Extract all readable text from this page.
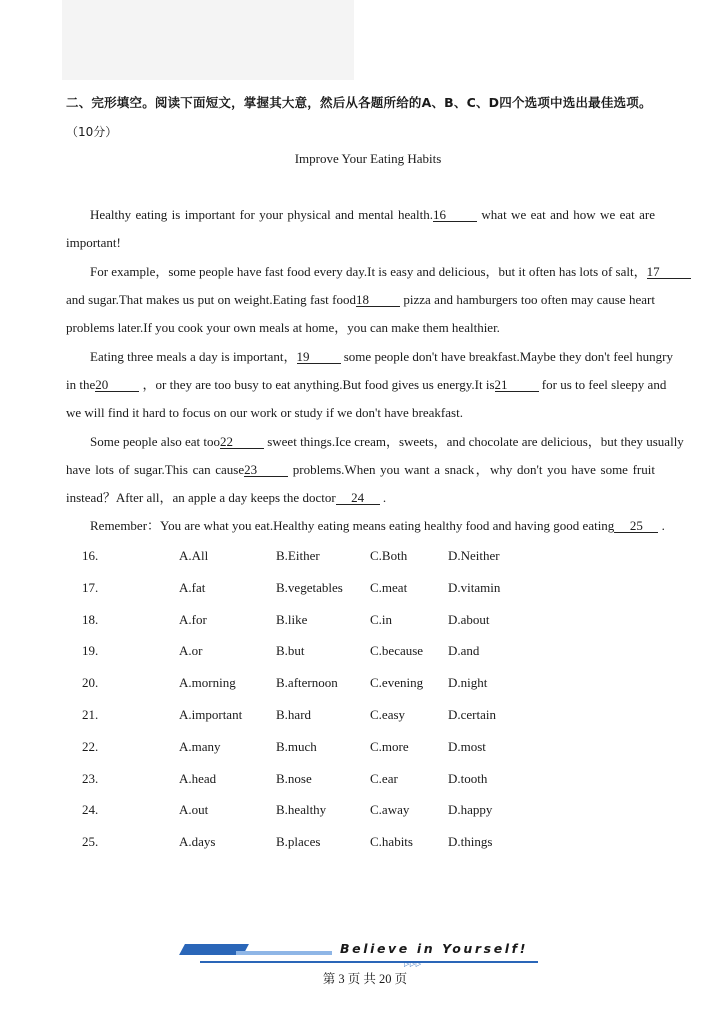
二、完形填空。阅读下面短文，掌握其大意，然后从各题所给的A、B、C、D四个选项中选出最佳选项。
（10分）
Improve Your Eating Habits
Healthy eating is important for your physical and mental health.16 what we eat and how we eat are
important!
For example，some people have fast food every day.It is easy and delicious，but it often has lots of salt，17
and sugar.That makes us put on weight.Eating fast food18 pizza and hamburgers too often may cause heart
problems later.If you cook your own meals at home，you can make them healthier.
Eating three meals a day is important，19 some people don't have breakfast.Maybe they don't feel hungry
in the20 ，or they are too busy to eat anything.But food gives us energy.It is21 for us to feel sleepy and
we will find it hard to focus on our work or study if we don't have breakfast.
Some people also eat too22 sweet things.Ice cream，sweets，and chocolate are delicious，but they usually
have lots of sugar.This can cause23 problems.When you want a snack，why don't you have some fruit
instead？After all，an apple a day keeps the doctor 24 .
Remember：You are what you eat.Healthy eating means eating healthy food and having good eating 25 .
16.	A.All	B.Either	C.Both	D.Neither
17.	A.fat	B.vegetables C.meat	D.vitamin
18.	A.for	B.like	C.in	D.about
19.	A.or	B.but	C.because D.and
20.	A.morning	B.afternoon C.evening D.night
21.	A.important	B.hard	C.easy	D.certain
22.	A.many	B.much	C.more	D.most
23.	A.head	B.nose	C.ear	D.tooth
24.	A.out	B.healthy	C.away	D.happy
25.	A.days	B.places	C.habits	D.things
Believe in Yourself!
▷▷▷
第 3 页 共 20 页
